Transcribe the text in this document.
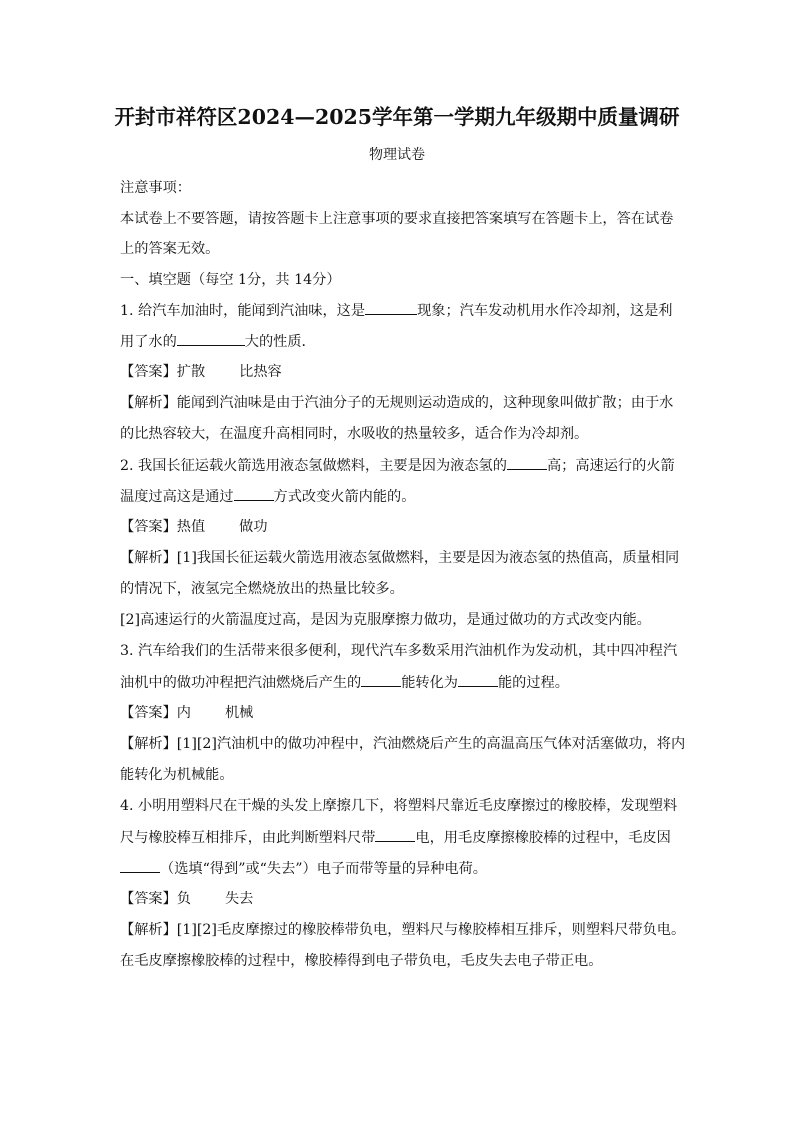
开封市祥符区2024—2025学年第一学期九年级期中质量调研
物理试卷
注意事项：
本试卷上不要答题，请按答题卡上注意事项的要求直接把答案填写在答题卡上，答在试卷
上的答案无效。
一、填空题（每空 1分，共 14分）
1. 给汽车加油时，能闻到汽油味，这是	现象；汽车发动机用水作冷却剂，这是利
用了水的	大的性质．
【答案】扩散 比热容
【解析】能闻到汽油味是由于汽油分子的无规则运动造成的，这种现象叫做扩散；由于水
的比热容较大，在温度升高相同时，水吸收的热量较多，适合作为冷却剂。
2. 我国长征运载火箭选用液态氢做燃料，主要是因为液态氢的	高；高速运行的火箭
温度过高这是通过	方式改变火箭内能的。
【答案】热值 做功
【解析】[1]我国长征运载火箭选用液态氢做燃料，主要是因为液态氢的热值高，质量相同
的情况下，液氢完全燃烧放出的热量比较多。
[2]高速运行的火箭温度过高，是因为克服摩擦力做功，是通过做功的方式改变内能。
3. 汽车给我们的生活带来很多便利，现代汽车多数采用汽油机作为发动机，其中四冲程汽
油机中的做功冲程把汽油燃烧后产生的	能转化为	能的过程。
【答案】内 机械
【解析】[1][2]汽油机中的做功冲程中，汽油燃烧后产生的高温高压气体对活塞做功，将内
能转化为机械能。
4. 小明用塑料尺在干燥的头发上摩擦几下，将塑料尺靠近毛皮摩擦过的橡胶棒，发现塑料
尺与橡胶棒互相排斥，由此判断塑料尺带	电，用毛皮摩擦橡胶棒的过程中，毛皮因
（选填“得到”或“失去”）电子而带等量的异种电荷。
【答案】负 失去
【解析】[1][2]毛皮摩擦过的橡胶棒带负电，塑料尺与橡胶棒相互排斥，则塑料尺带负电。
在毛皮摩擦橡胶棒的过程中，橡胶棒得到电子带负电，毛皮失去电子带正电。
